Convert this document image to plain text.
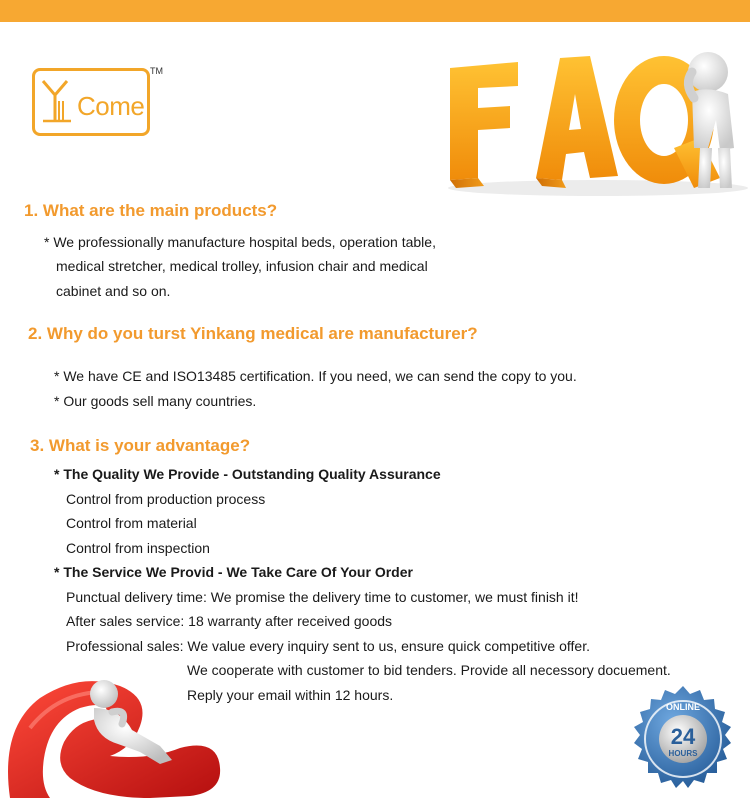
Come
TM
1. What are the main products?

* We professionally manufacture hospital beds, operation table,

medical stretcher, medical trolley, infusion chair and medical

cabinet and so on.

2. Why do you turst Yinkang medical are manufacturer?

* We have CE and ISO13485 certification. If you need, we can send the copy to you.

* Our goods sell many countries.

3. What is your advantage?

* The Quality We Provide - Outstanding Quality Assurance

Control from production process

Control from material

Control from inspection

* The Service We Provid - We Take Care Of Your Order

Punctual delivery time: We promise the delivery time to customer, we must finish it!

After sales service: 18 warranty after received goods

Professional sales: We value every inquiry sent to us, ensure quick competitive offer.

We cooperate with customer to bid tenders. Provide all necessory docuement.

Reply your email within 12 hours.

24
HOURS
ONLINE
